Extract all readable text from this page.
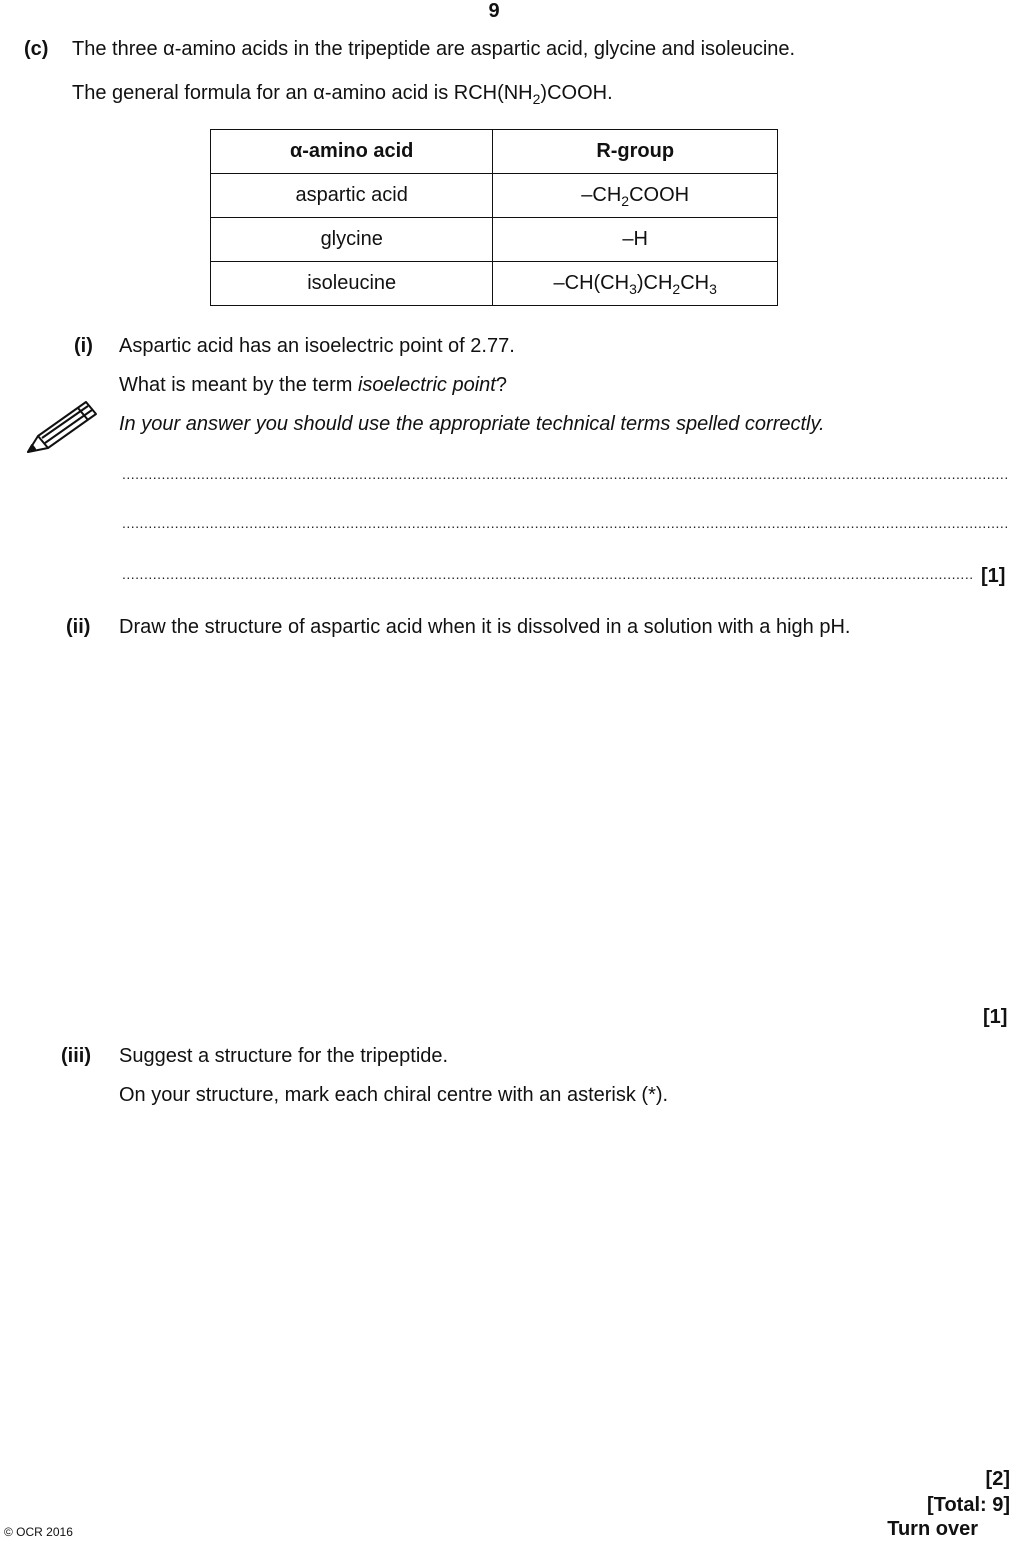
9
(c) The three α-amino acids in the tripeptide are aspartic acid, glycine and isoleucine.
The general formula for an α-amino acid is $RCH(NH_2)COOH$.
α-amino acid	R-group
aspartic acid	$-CH_2COOH$
glycine	–H
isoleucine	$-CH(CH_3)CH_2CH_3$
(i) Aspartic acid has an isoelectric point of 2.77.
What is meant by the term isoelectric point?
In your answer you should use the appropriate technical terms spelled correctly.
.....
.....
.....
[1]
(ii) Draw the structure of aspartic acid when it is dissolved in a solution with a high pH.
[1]
(iii) Suggest a structure for the tripeptide.
On your structure, mark each chiral centre with an asterisk (*).
[2]
[Total: 9]
Turn over
© OCR 2016
